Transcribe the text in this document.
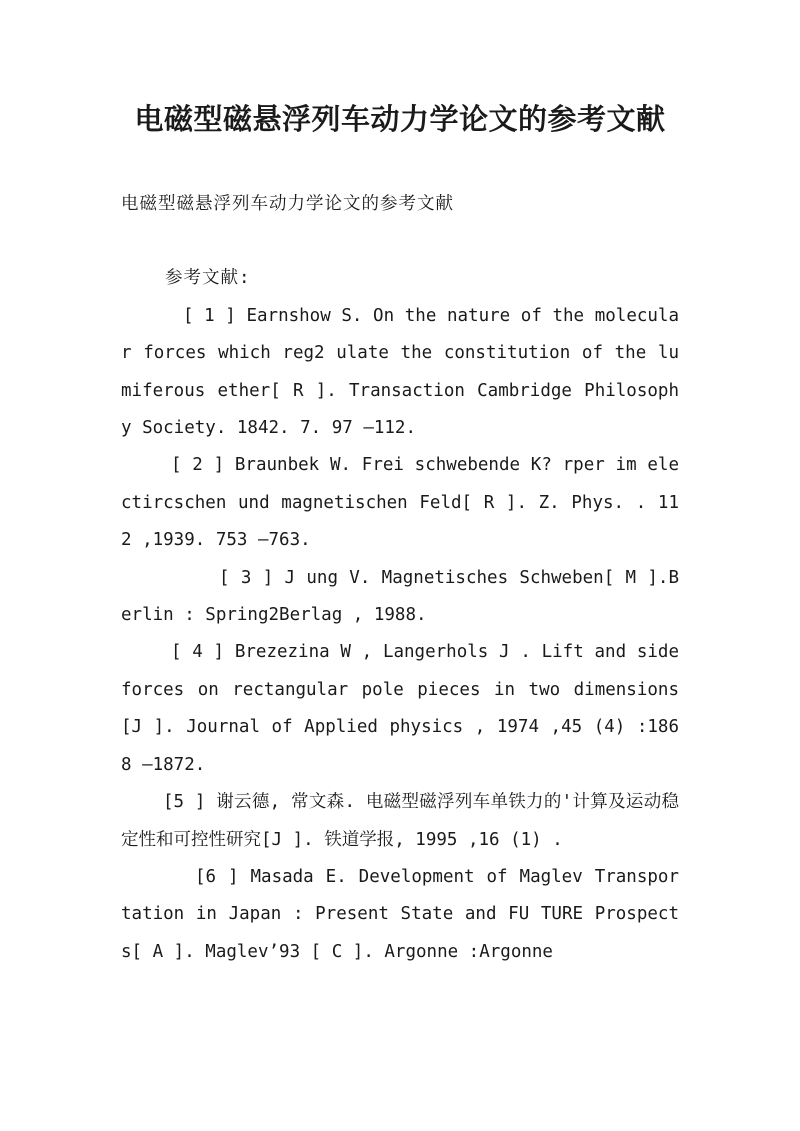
电磁型磁悬浮列车动力学论文的参考文献

电磁型磁悬浮列车动力学论文的参考文献

参考文献:

[ 1 ] Earnshow S. On the nature of the molecular forces which reg2 ulate the constitution of the lumiferous ether[ R ]. Transaction Cambridge Philosophy Society. 1842. 7. 97 —112.

[ 2 ] Braunbek W. Frei schwebende K? rper im electircschen und magnetischen Feld[ R ]. Z. Phys. . 112 ,1939. 753 —763.

[ 3 ] J ung V. Magnetisches Schweben[ M ].Berlin : Spring2Berlag , 1988.

[ 4 ] Brezezina W , Langerhols J . Lift and side forces on rectangular pole pieces in two dimensions[J ]. Journal of Applied physics , 1974 ,45 (4) :1868 —1872.

[5 ] 谢云德, 常文森. 电磁型磁浮列车单铁力的'计算及运动稳定性和可控性研究[J ]. 铁道学报, 1995 ,16 (1) .

[6 ] Masada E. Development of Maglev Transportation in Japan : Present State and FU TURE Prospects[ A ]. Maglev’93 [ C ]. Argonne :Argonne
